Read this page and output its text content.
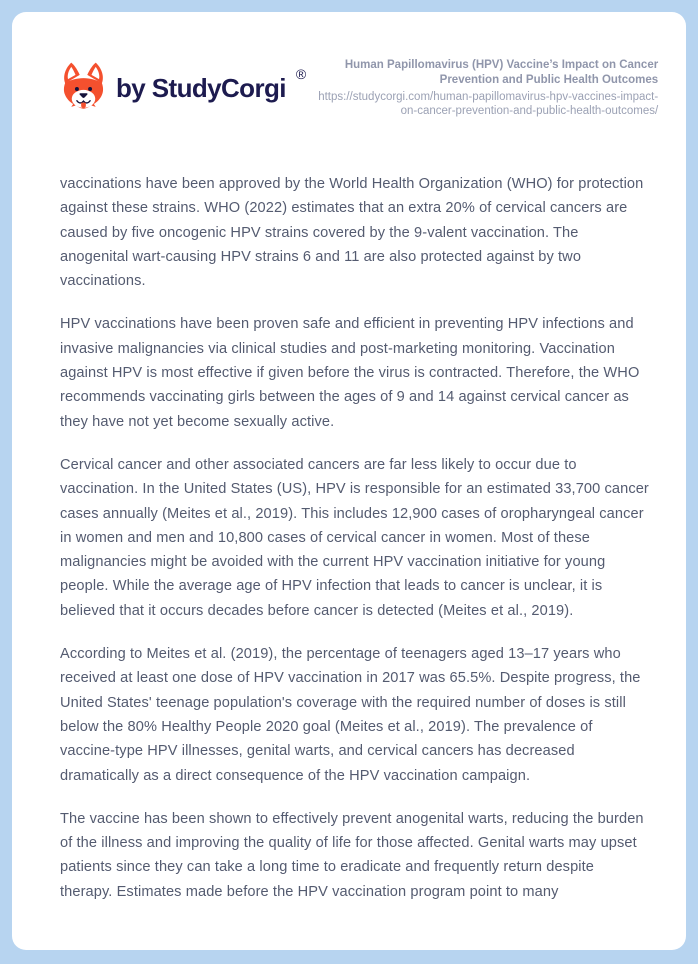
by StudyCorgi ®
Human Papillomavirus (HPV) Vaccine’s Impact on Cancer Prevention and Public Health Outcomes
https://studycorgi.com/human-papillomavirus-hpv-vaccines-impact-on-cancer-prevention-and-public-health-outcomes/

vaccinations have been approved by the World Health Organization (WHO) for protection against these strains. WHO (2022) estimates that an extra 20% of cervical cancers are caused by five oncogenic HPV strains covered by the 9-valent vaccination. The anogenital wart-causing HPV strains 6 and 11 are also protected against by two vaccinations.

HPV vaccinations have been proven safe and efficient in preventing HPV infections and invasive malignancies via clinical studies and post-marketing monitoring. Vaccination against HPV is most effective if given before the virus is contracted. Therefore, the WHO recommends vaccinating girls between the ages of 9 and 14 against cervical cancer as they have not yet become sexually active.

Cervical cancer and other associated cancers are far less likely to occur due to vaccination. In the United States (US), HPV is responsible for an estimated 33,700 cancer cases annually (Meites et al., 2019). This includes 12,900 cases of oropharyngeal cancer in women and men and 10,800 cases of cervical cancer in women. Most of these malignancies might be avoided with the current HPV vaccination initiative for young people. While the average age of HPV infection that leads to cancer is unclear, it is believed that it occurs decades before cancer is detected (Meites et al., 2019).

According to Meites et al. (2019), the percentage of teenagers aged 13–17 years who received at least one dose of HPV vaccination in 2017 was 65.5%. Despite progress, the United States' teenage population's coverage with the required number of doses is still below the 80% Healthy People 2020 goal (Meites et al., 2019). The prevalence of vaccine-type HPV illnesses, genital warts, and cervical cancers has decreased dramatically as a direct consequence of the HPV vaccination campaign.

The vaccine has been shown to effectively prevent anogenital warts, reducing the burden of the illness and improving the quality of life for those affected. Genital warts may upset patients since they can take a long time to eradicate and frequently return despite therapy. Estimates made before the HPV vaccination program point to many
